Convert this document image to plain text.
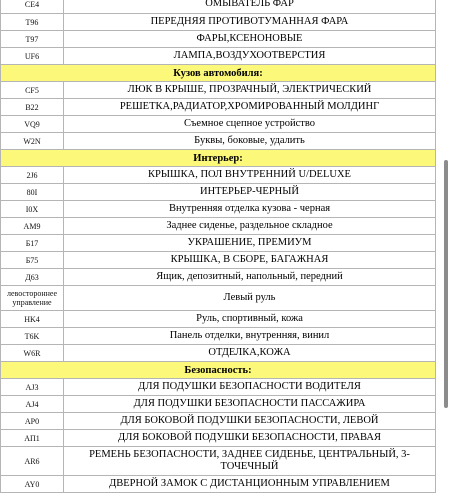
CE4	ОМЫВАТЕЛЬ ФАР
T96	ПЕРЕДНЯЯ ПРОТИВОТУМАННАЯ ФАРА
T97	ФАРЫ,КСЕНОНОВЫЕ
UF6	ЛАМПА,ВОЗДУХООТВЕРСТИЯ
Кузов автомобиля:	
CF5	ЛЮК В КРЫШЕ, ПРОЗРАЧНЫЙ, ЭЛЕКТРИЧЕСКИЙ
B22	РЕШЕТКА,РАДИАТОР,ХРОМИРОВАННЫЙ МОЛДИНГ
VQ9	Съемное сцепное устройство
W2N	Буквы, боковые, удалить
Интерьер:	
2J6	КРЫШКА, ПОЛ ВНУТРЕННИЙ U/DELUXE
80I	ИНТЕРЬЕР-ЧЕРНЫЙ
I0X	Внутренняя отделка кузова - черная
AM9	Заднее сиденье, раздельное складное
Б17	УКРАШЕНИЕ, ПРЕМИУМ
Б75	КРЫШКА, В СБОРЕ, БАГАЖНАЯ
Д63	Ящик, депозитный, напольный, передний
левостороннее управление	Левый руль
HK4	Руль, спортивный, кожа
T6K	Панель отделки, внутренняя, винил
W6R	ОТДЕЛКА,КОЖА
Безопасность:	
AJ3	ДЛЯ ПОДУШКИ БЕЗОПАСНОСТИ ВОДИТЕЛЯ
AJ4	ДЛЯ ПОДУШКИ БЕЗОПАСНОСТИ ПАССАЖИРА
AP0	ДЛЯ БОКОВОЙ ПОДУШКИ БЕЗОПАСНОСТИ, ЛЕВОЙ
AП1	ДЛЯ БОКОВОЙ ПОДУШКИ БЕЗОПАСНОСТИ, ПРАВАЯ
AR6	РЕМЕНЬ БЕЗОПАСНОСТИ, ЗАДНЕЕ СИДЕНЬЕ, ЦЕНТРАЛЬНЫЙ, 3-ТОЧЕЧНЫЙ
AY0	ДВЕРНОЙ ЗАМОК С ДИСТАНЦИОННЫМ УПРАВЛЕНИЕМ
